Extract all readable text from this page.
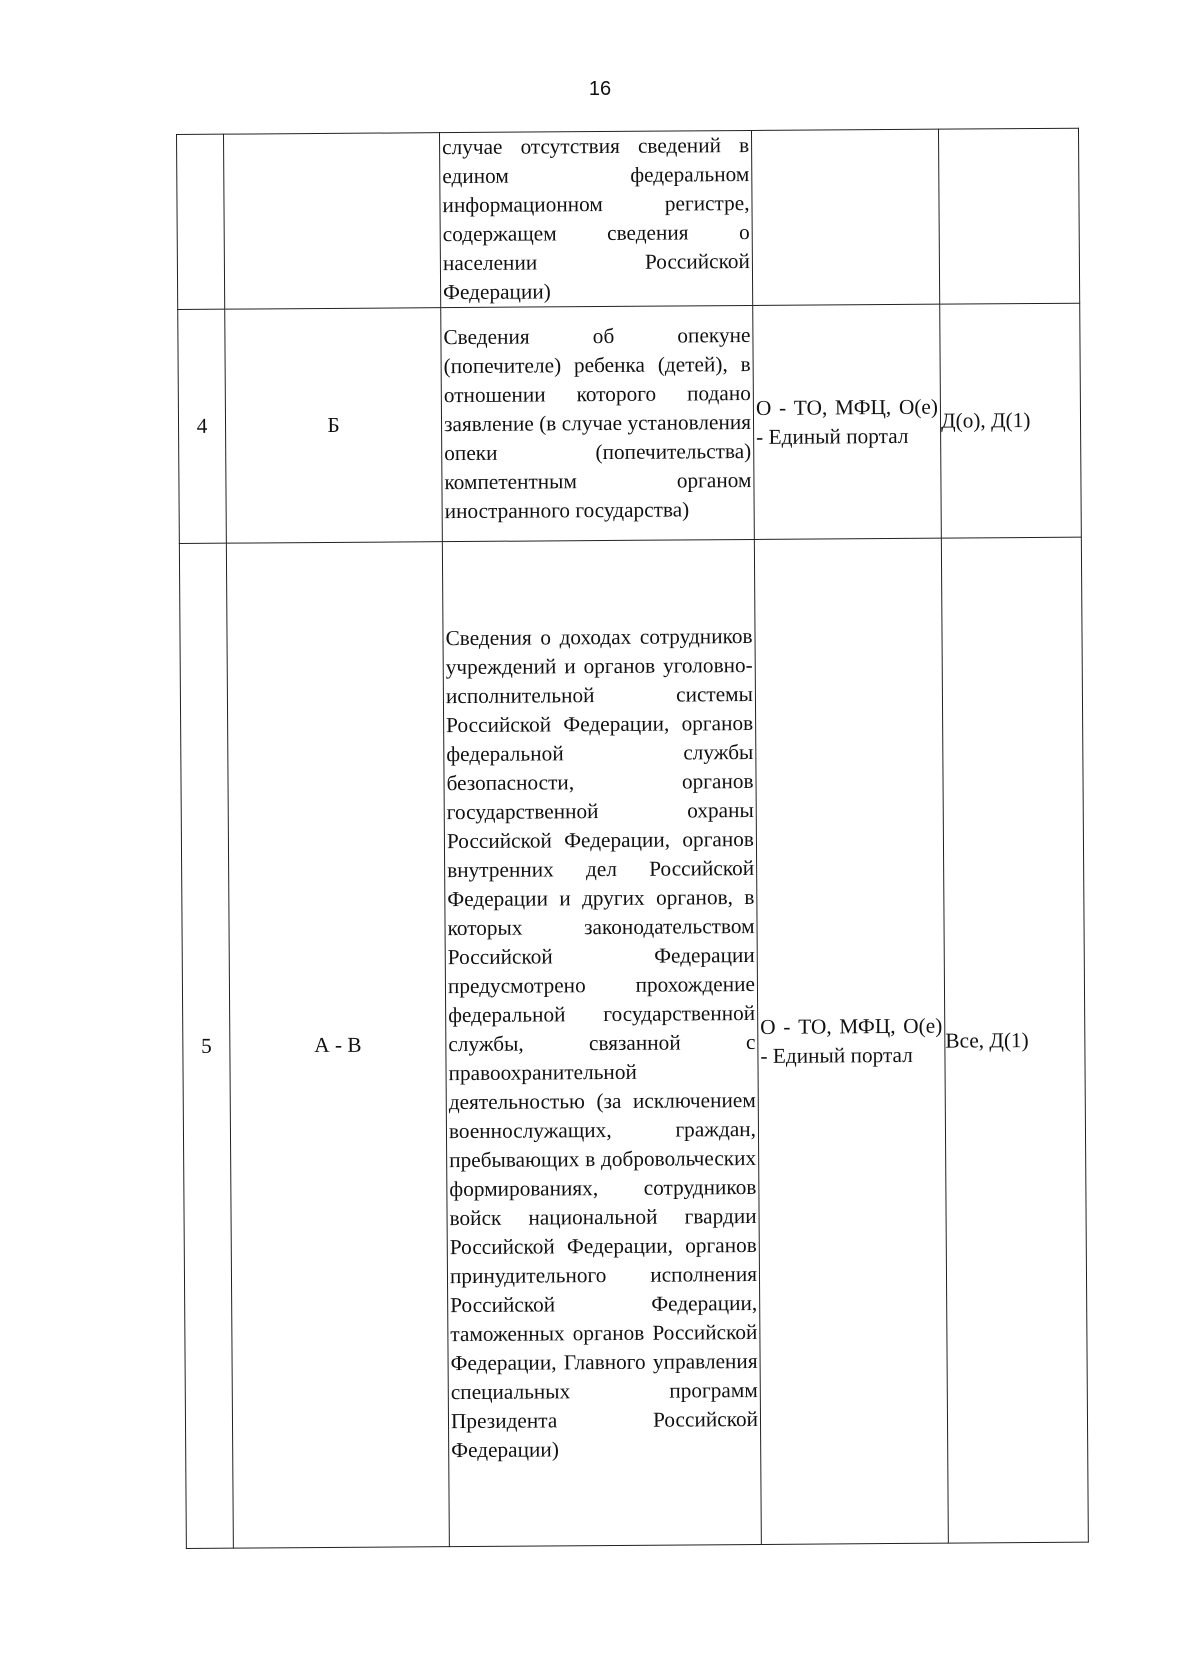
16

		случае отсутствия сведений в едином федеральном информационном регистре, содержащем сведения о населении Российской Федерации)		

4	Б	Сведения об опекуне (попечителе) ребенка (детей), в отношении которого подано заявление (в случае установления опеки (попечительства) компетентным органом иностранного государства)	О - ТО, МФЦ, О(е) - Единый портал	Д(о), Д(1)
5	А - В	Сведения о доходах сотрудников учреждений и органов уголовно-исполнительной системы Российской Федерации, органов федеральной службы безопасности, органов государственной охраны Российской Федерации, органов внутренних дел Российской Федерации и других органов, в которых законодательством Российской Федерации предусмотрено прохождение федеральной государственной службы, связанной с правоохранительной деятельностью (за исключением военнослужащих, граждан, пребывающих в добровольческих формированиях, сотрудников войск национальной гвардии Российской Федерации, органов принудительного исполнения Российской Федерации, таможенных органов Российской Федерации, Главного управления специальных программ Президента Российской Федерации)	О - ТО, МФЦ, О(е) - Единый портал	Все, Д(1)
